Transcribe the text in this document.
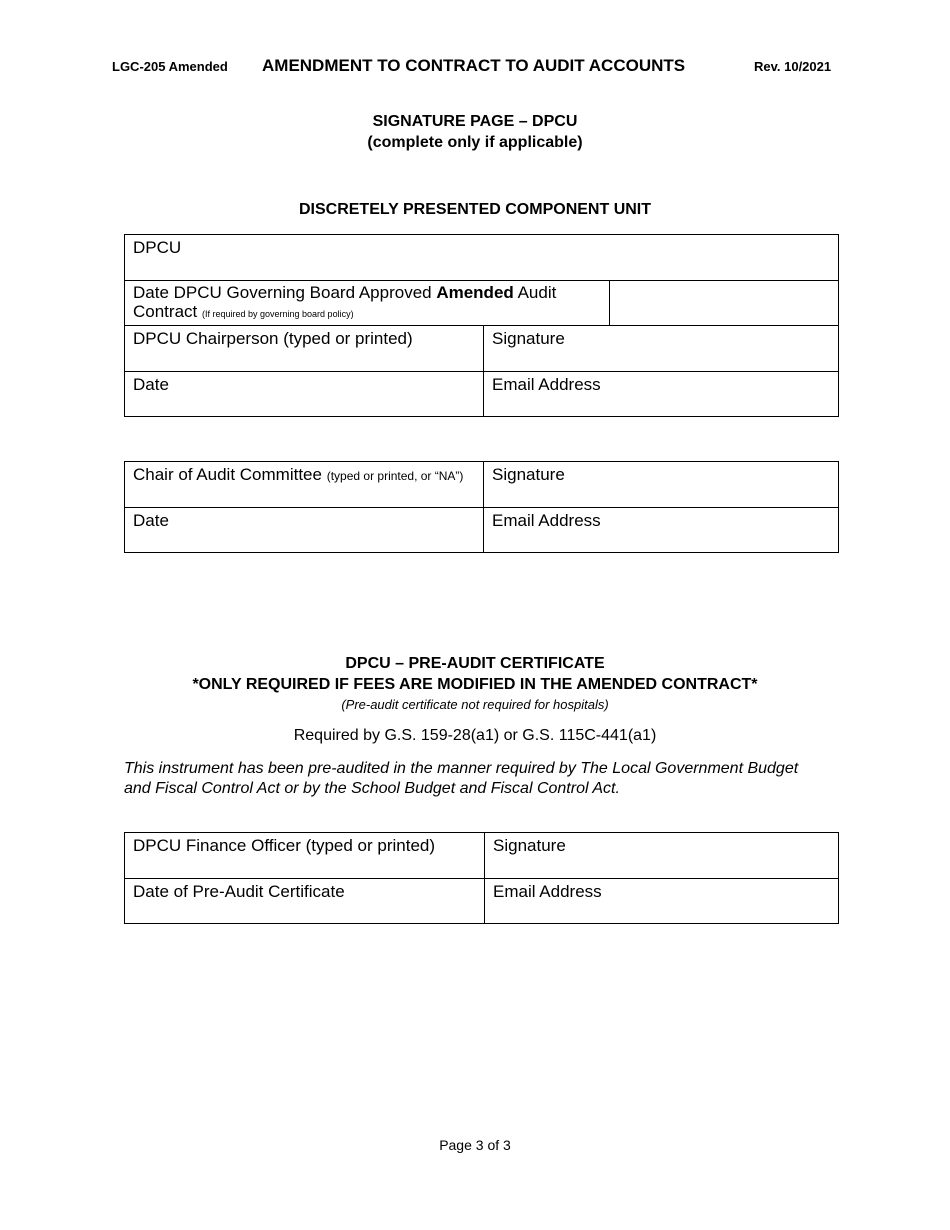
LGC-205 Amended AMENDMENT TO CONTRACT TO AUDIT ACCOUNTS	Rev. 10/2021
SIGNATURE PAGE – DPCU
(complete only if applicable)
DISCRETELY PRESENTED COMPONENT UNIT
DPCU		
Date DPCU Governing Board Approved Amended Audit
Contract (If required by governing board policy)		
DPCU Chairperson (typed or printed)	Signature	
Date	Email Address	
Chair of Audit Committee (typed or printed, or “NA”)	Signature
Date	Email Address
DPCU – PRE-AUDIT CERTIFICATE
*ONLY REQUIRED IF FEES ARE MODIFIED IN THE AMENDED CONTRACT*
(Pre-audit certificate not required for hospitals)
Required by G.S. 159-28(a1) or G.S. 115C-441(a1)
This instrument has been pre-audited in the manner required by The Local Government Budget and Fiscal Control Act or by the School Budget and Fiscal Control Act.
DPCU Finance Officer (typed or printed)	Signature
Date of Pre-Audit Certificate	Email Address
Page 3 of 3
